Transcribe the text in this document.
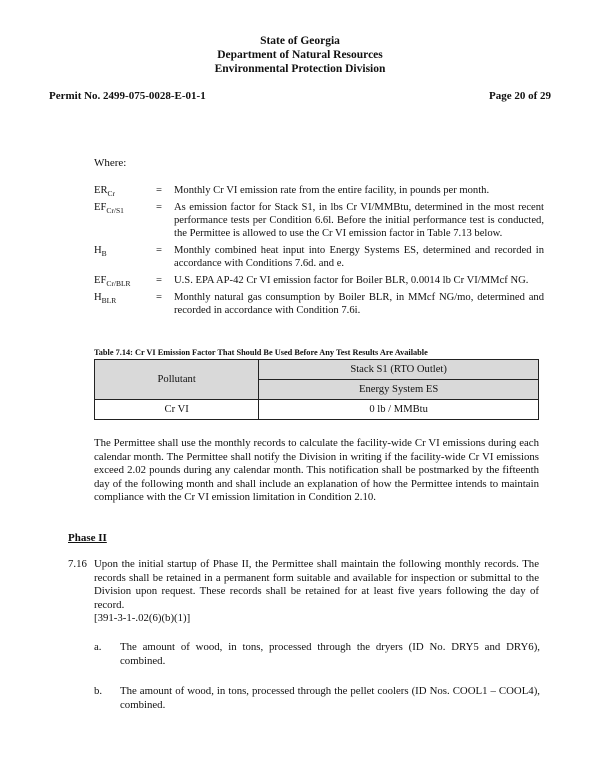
State of Georgia
Department of Natural Resources
Environmental Protection Division
Permit No. 2499-075-0028-E-01-1	Page 20 of 29
Where:
$ER_{Cr}$	=	Monthly Cr VI emission rate from the entire facility, in pounds per month.
$EF_{Cr/S1}$	=	As emission factor for Stack S1, in lbs Cr VI/MMBtu, determined in the most recent performance tests per Condition 6.6l. Before the initial performance test is conducted, the Permittee is allowed to use the Cr VI emission factor in Table 7.13 below.
$H_B$	=	Monthly combined heat input into Energy Systems ES, determined and recorded in accordance with Conditions 7.6d. and e.
$EF_{Cr/BLR}$	=	U.S. EPA AP-42 Cr VI emission factor for Boiler BLR, 0.0014 lb Cr VI/MMcf NG.
$H_{BLR}$	=	Monthly natural gas consumption by Boiler BLR, in MMcf NG/mo, determined and recorded in accordance with Condition 7.6i.
Table 7.14: Cr VI Emission Factor That Should Be Used Before Any Test Results Are Available
Pollutant	Stack S1 (RTO Outlet)
	Energy System ES
Cr VI	0 lb / MMBtu
The Permittee shall use the monthly records to calculate the facility-wide Cr VI emissions during each calendar month. The Permittee shall notify the Division in writing if the facility-wide Cr VI emissions exceed 2.02 pounds during any calendar month. This notification shall be postmarked by the fifteenth day of the following month and shall include an explanation of how the Permittee intends to maintain compliance with the Cr VI emission limitation in Condition 2.10.
Phase II
7.16 Upon the initial startup of Phase II, the Permittee shall maintain the following monthly records. The records shall be retained in a permanent form suitable and available for inspection or submittal to the Division upon request. These records shall be retained for at least five years following the day of record.
[391-3-1-.02(6)(b)(1)]
a. The amount of wood, in tons, processed through the dryers (ID No. DRY5 and DRY6), combined.
b. The amount of wood, in tons, processed through the pellet coolers (ID Nos. COOL1 – COOL4), combined.
